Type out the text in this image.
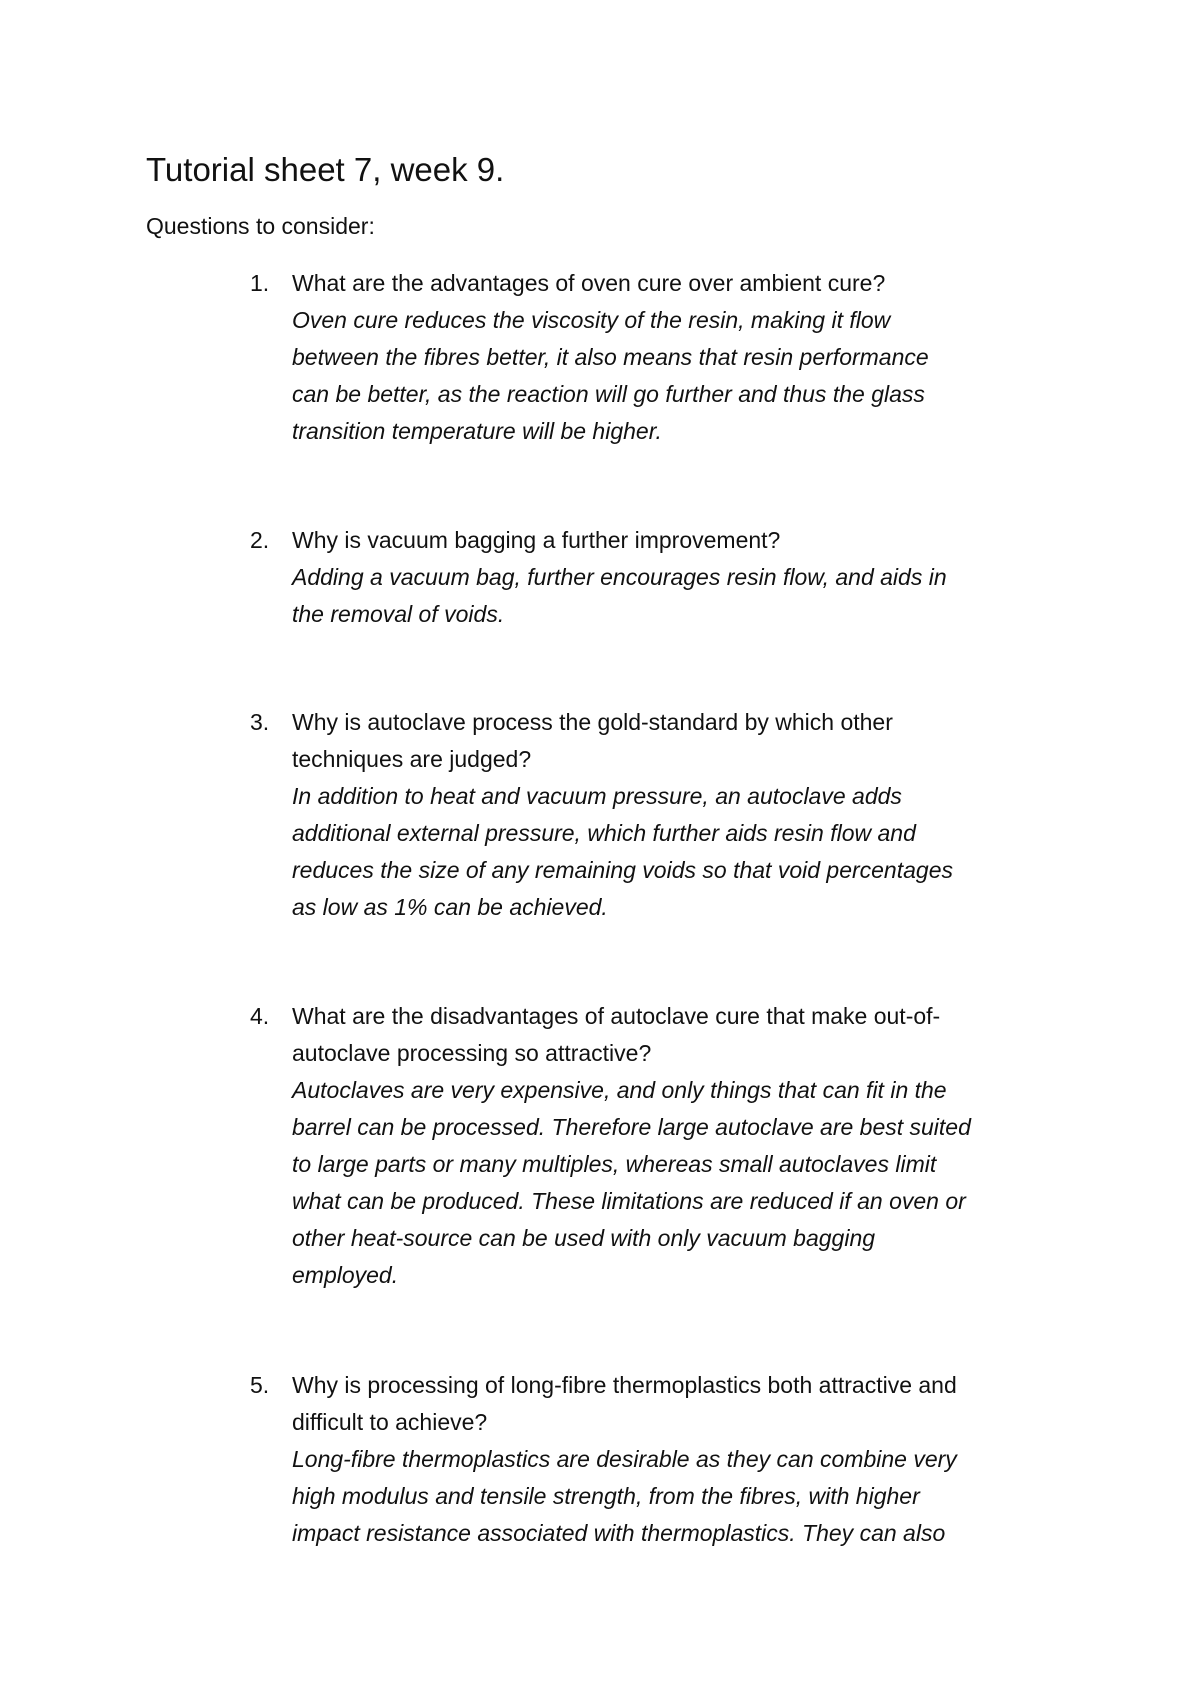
Tutorial sheet 7, week 9.

Questions to consider:

1. What are the advantages of oven cure over ambient cure?

Oven cure reduces the viscosity of the resin, making it flow
between the fibres better, it also means that resin performance
can be better, as the reaction will go further and thus the glass
transition temperature will be higher.

2. Why is vacuum bagging a further improvement?

Adding a vacuum bag, further encourages resin flow, and aids in
the removal of voids.

3. Why is autoclave process the gold-standard by which other
techniques are judged?

In addition to heat and vacuum pressure, an autoclave adds
additional external pressure, which further aids resin flow and
reduces the size of any remaining voids so that void percentages
as low as 1% can be achieved.

4. What are the disadvantages of autoclave cure that make out-of-
autoclave processing so attractive?

Autoclaves are very expensive, and only things that can fit in the
barrel can be processed. Therefore large autoclave are best suited
to large parts or many multiples, whereas small autoclaves limit
what can be produced. These limitations are reduced if an oven or
other heat-source can be used with only vacuum bagging
employed.

5. Why is processing of long-fibre thermoplastics both attractive and
difficult to achieve?

Long-fibre thermoplastics are desirable as they can combine very
high modulus and tensile strength, from the fibres, with higher
impact resistance associated with thermoplastics. They can also
